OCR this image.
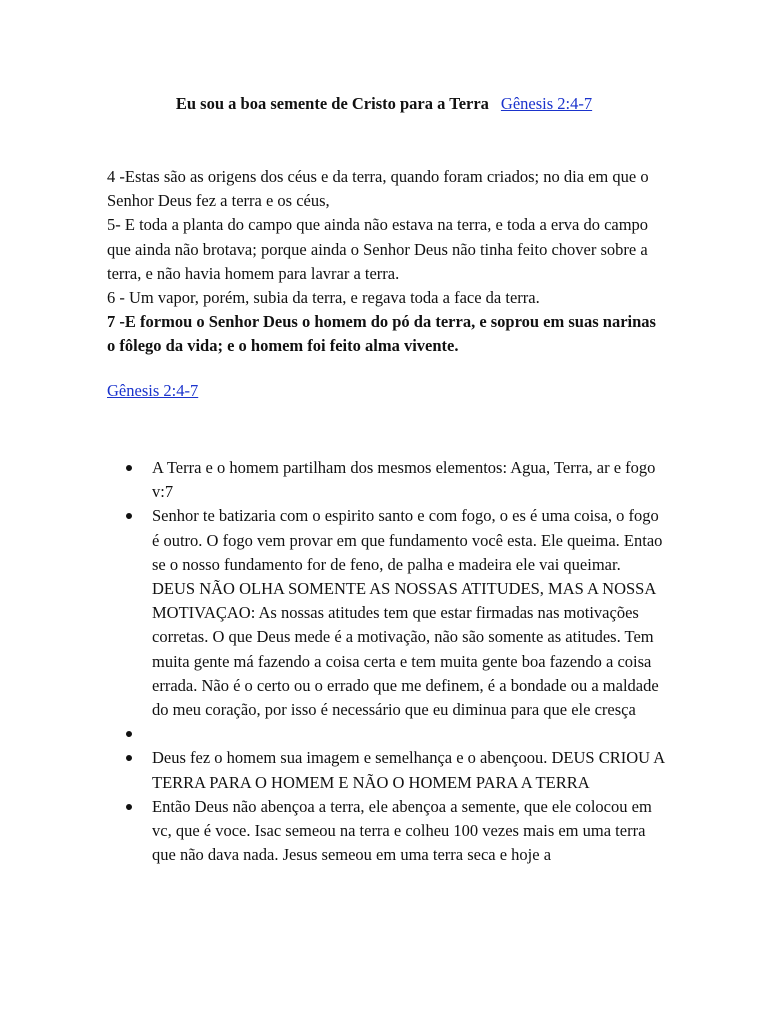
Eu sou a boa semente de Cristo para a Terra Gênesis 2:4-7

4 -Estas são as origens dos céus e da terra, quando foram criados; no dia em que o Senhor Deus fez a terra e os céus,

5- E toda a planta do campo que ainda não estava na terra, e toda a erva do campo que ainda não brotava; porque ainda o Senhor Deus não tinha feito chover sobre a terra, e não havia homem para lavrar a terra.

6 - Um vapor, porém, subia da terra, e regava toda a face da terra.

7 -E formou o Senhor Deus o homem do pó da terra, e soprou em suas narinas o fôlego da vida; e o homem foi feito alma vivente.

Gênesis 2:4-7
A Terra e o homem partilham dos mesmos elementos: Agua, Terra, ar e fogo v:7
Senhor te batizaria com o espirito santo e com fogo, o es é uma coisa, o fogo é outro. O fogo vem provar em que fundamento você esta. Ele queima. Entao se o nosso fundamento for de feno, de palha e madeira ele vai queimar. DEUS NÃO OLHA SOMENTE AS NOSSAS ATITUDES, MAS A NOSSA MOTIVAÇAO: As nossas atitudes tem que estar firmadas nas motivações corretas. O que Deus mede é a motivação, não são somente as atitudes. Tem muita gente má fazendo a coisa certa e tem muita gente boa fazendo a coisa errada. Não é o certo ou o errado que me definem, é a bondade ou a maldade do meu coração, por isso é necessário que eu diminua para que ele cresça
Deus fez o homem sua imagem e semelhança e o abençoou. DEUS CRIOU A TERRA PARA O HOMEM E NÃO O HOMEM PARA A TERRA
Então Deus não abençoa a terra, ele abençoa a semente, que ele colocou em vc, que é voce. Isac semeou na terra e colheu 100 vezes mais em uma terra que não dava nada. Jesus semeou em uma terra seca e hoje a
